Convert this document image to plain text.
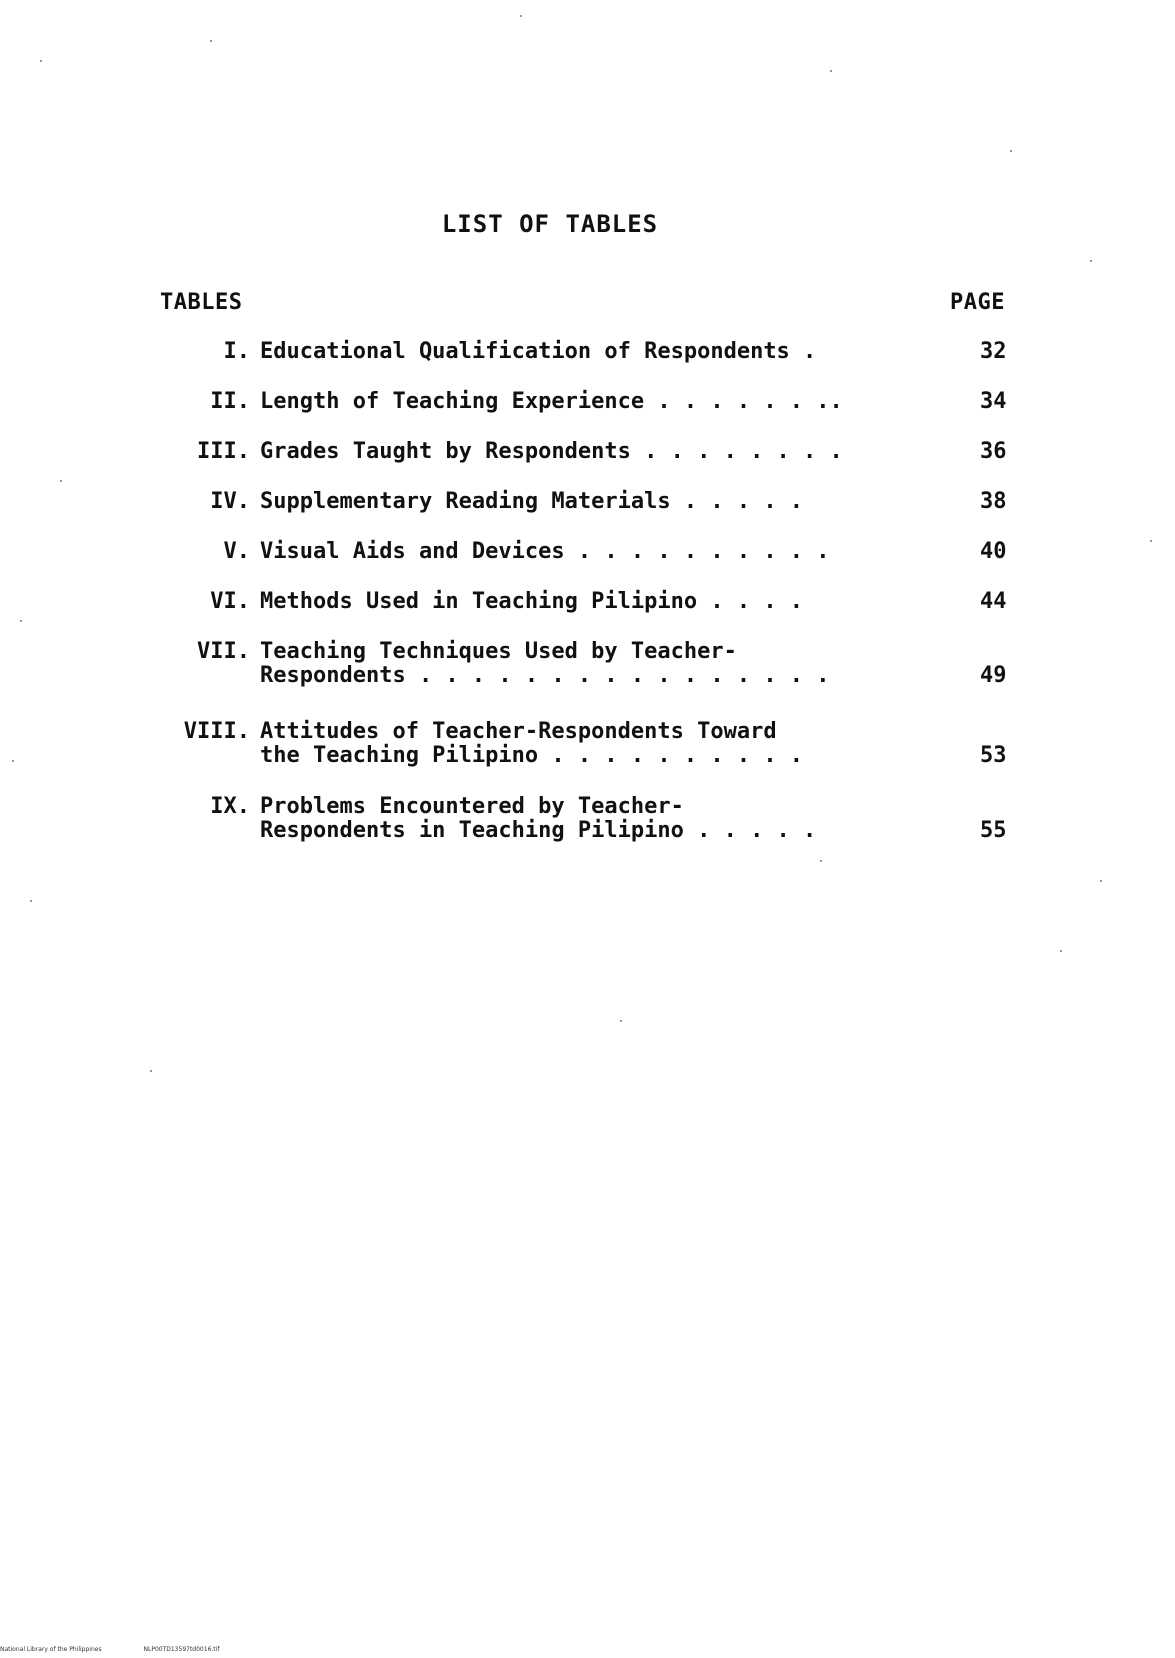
LIST OF TABLES
TABLES	PAGE
I. Educational Qualification of Respondents .	32
II. Length of Teaching Experience . . . . . . ..	34
III. Grades Taught by Respondents . . . . . . . .	36
IV. Supplementary Reading Materials . . . . .	38
V. Visual Aids and Devices . . . . . . . . . .	40
VI. Methods Used in Teaching Pilipino . . . .	44
VII. Teaching Techniques Used by Teacher-
Respondents . . . . . . . . . . . . . . . .	49
VIII. Attitudes of Teacher-Respondents Toward
the Teaching Pilipino . . . . . . . . . .	53
IX. Problems Encountered by Teacher-
Respondents in Teaching Pilipino . . . . .	55
National Library of the Philippines	NLP00TD13597td0016.tif
